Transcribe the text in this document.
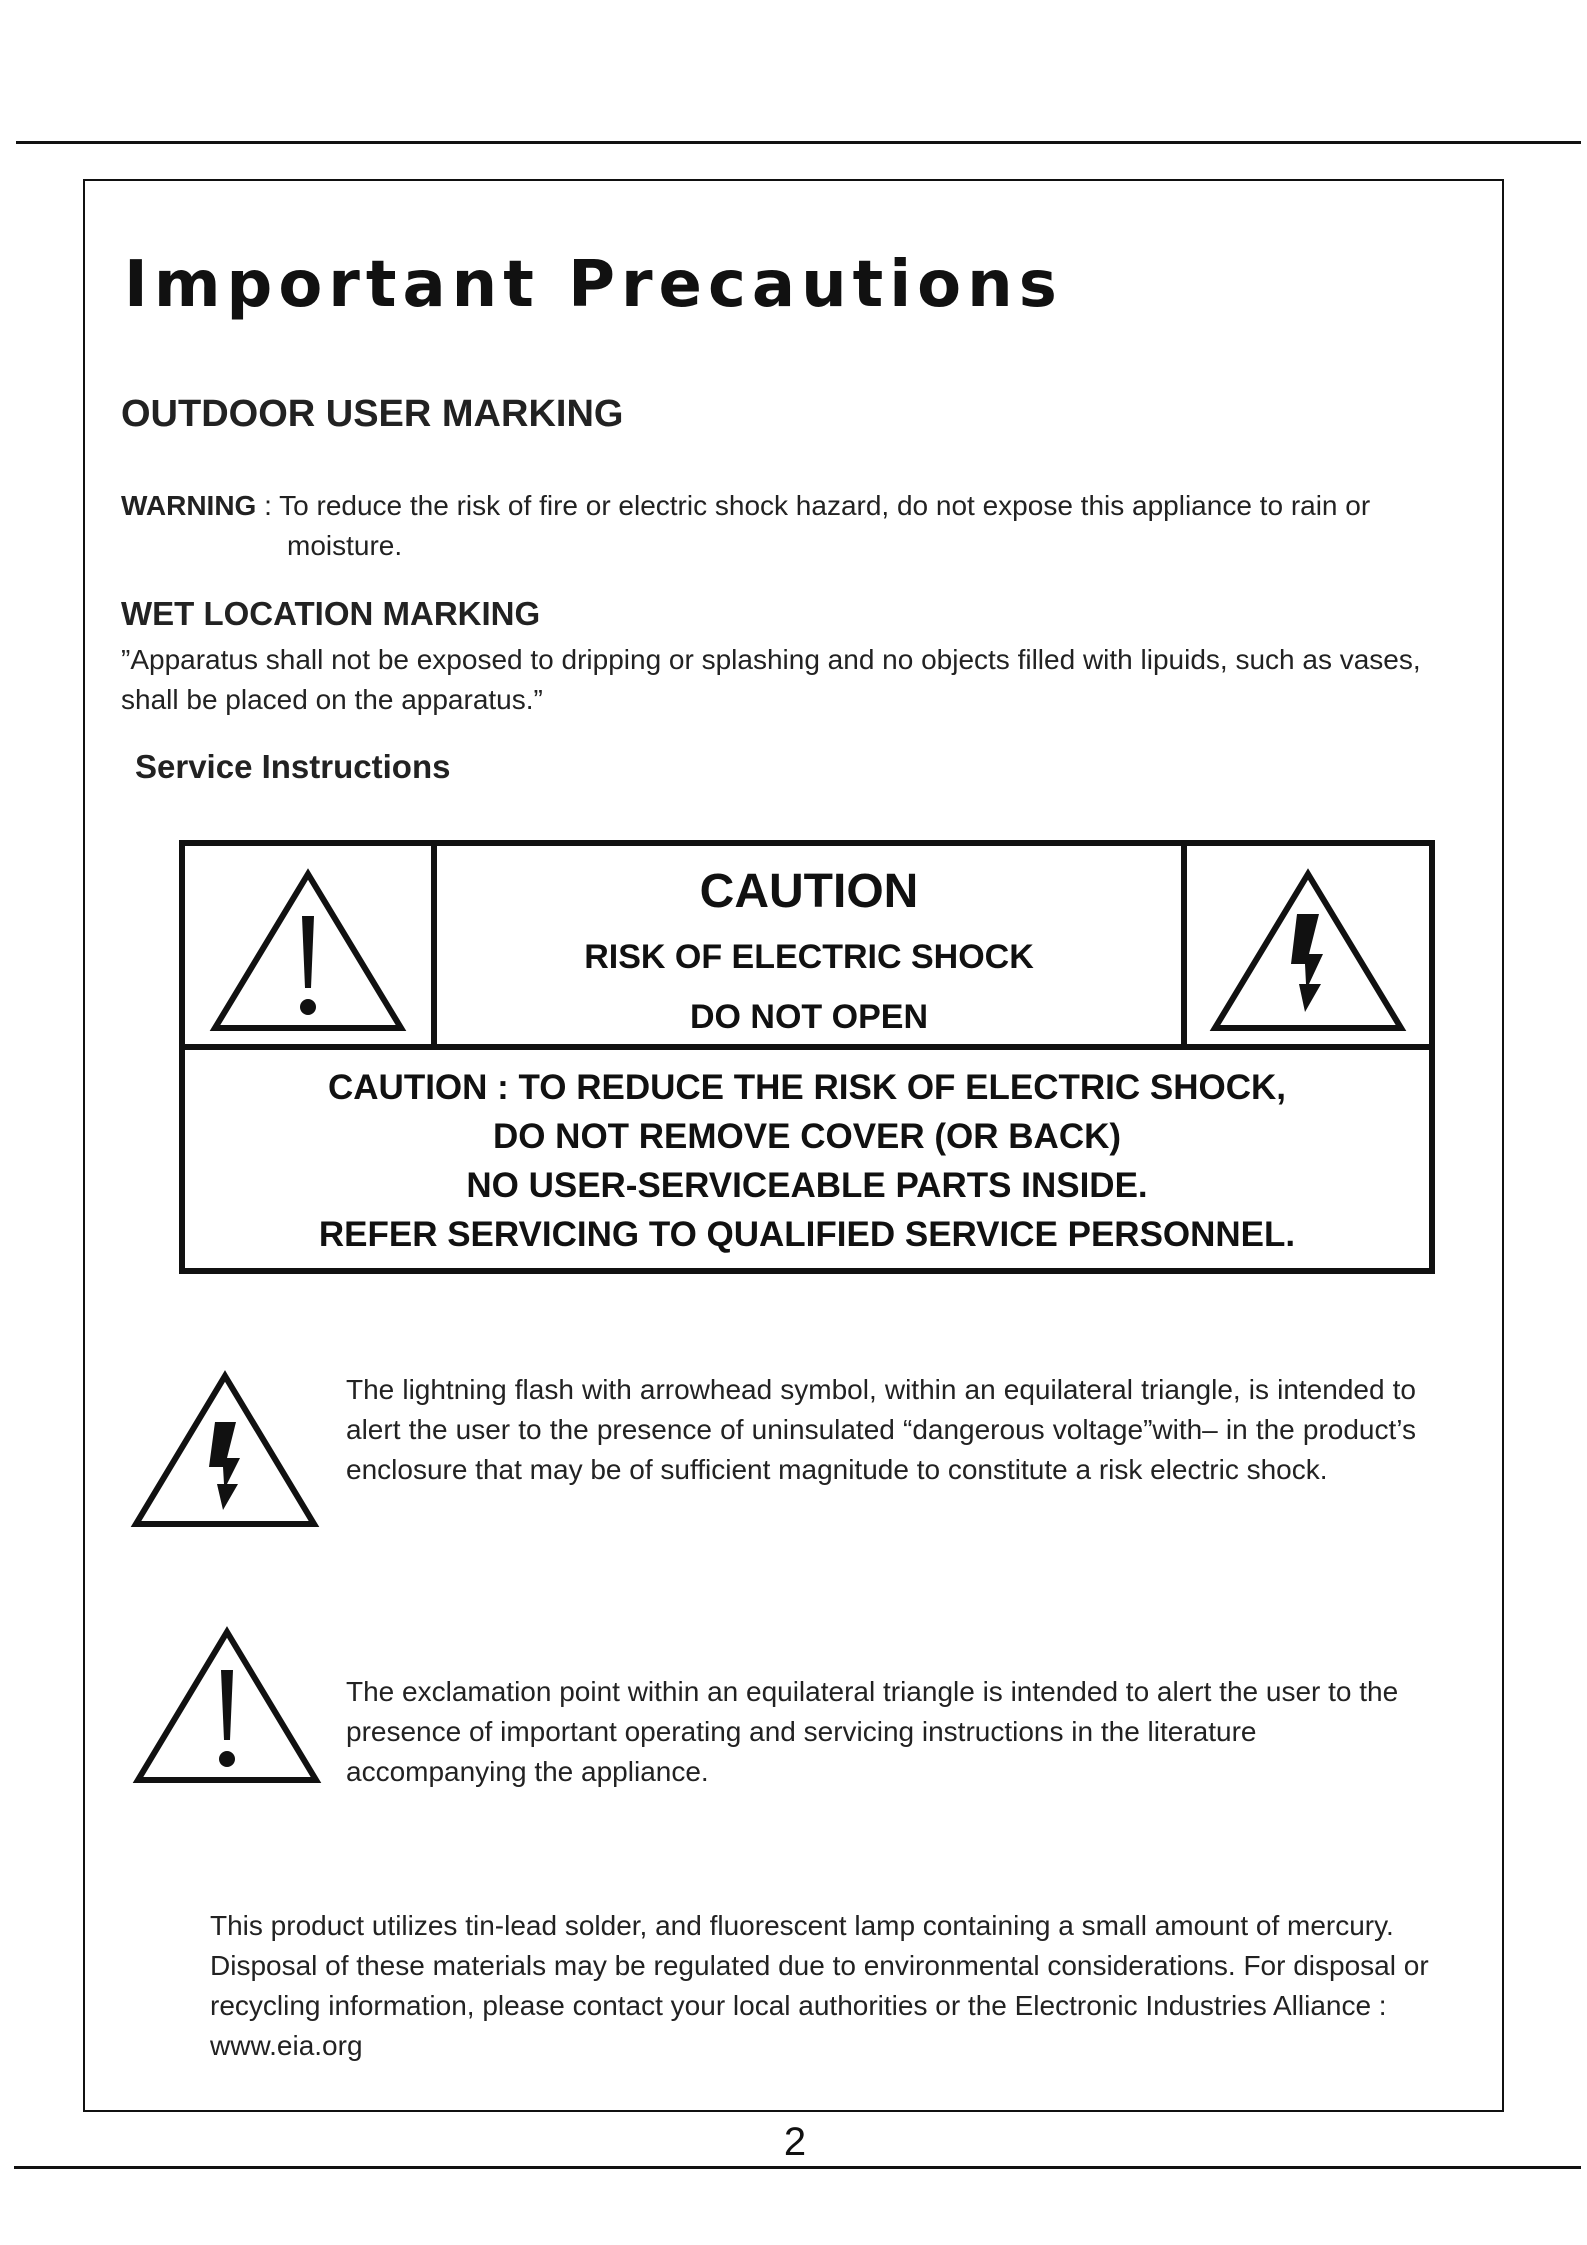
Important Precautions
OUTDOOR USER MARKING
WARNING : To reduce the risk of fire or electric shock hazard, do not expose this appliance to rain or
moisture.
WET LOCATION MARKING
”Apparatus shall not be exposed to dripping or splashing and no objects filled with lipuids, such as vases, shall be placed on the apparatus.”
Service Instructions
CAUTION
RISK OF ELECTRIC SHOCK
DO NOT OPEN
CAUTION : TO REDUCE THE RISK OF ELECTRIC SHOCK,
DO NOT REMOVE COVER (OR BACK)
NO USER-SERVICEABLE PARTS INSIDE.
REFER SERVICING TO QUALIFIED SERVICE PERSONNEL.
The lightning flash with arrowhead symbol, within an equilateral triangle, is intended to alert the user to the presence of uninsulated “dangerous voltage”with– in the product’s enclosure that may be of sufficient magnitude to constitute a risk electric shock.
The exclamation point within an equilateral triangle is intended to alert the user to the presence of important operating and servicing instructions in the literature accompanying the appliance.
This product utilizes tin-lead solder, and fluorescent lamp containing a small amount of mercury. Disposal of these materials may be regulated due to environmental considerations. For disposal or recycling information, please contact your local authorities or the Electronic Industries Alliance : www.eia.org
2
